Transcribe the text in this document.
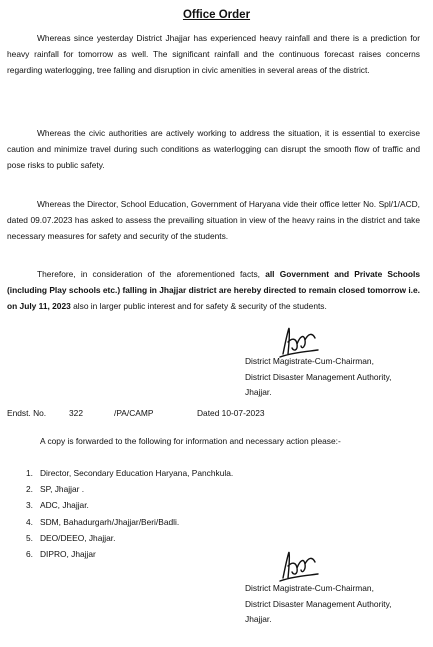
Office Order

Whereas since yesterday District Jhajjar has experienced heavy rainfall and there is a prediction for heavy rainfall for tomorrow as well. The significant rainfall and the continuous forecast raises concerns regarding waterlogging, tree falling and disruption in civic amenities in several areas of the district.

Whereas the civic authorities are actively working to address the situation, it is essential to exercise caution and minimize travel during such conditions as waterlogging can disrupt the smooth flow of traffic and pose risks to public safety.

Whereas the Director, School Education, Government of Haryana vide their office letter No. Spl/1/ACD, dated 09.07.2023 has asked to assess the prevailing situation in view of the heavy rains in the district and take necessary measures for safety and security of the students.

Therefore, in consideration of the aforementioned facts, all Government and Private Schools (including Play schools etc.) falling in Jhajjar district are hereby directed to remain closed tomorrow i.e. on July 11, 2023 also in larger public interest and for safety & security of the students.

District Magistrate-Cum-Chairman,
District Disaster Management Authority,
Jhajjar.
Endst. No.	322	/PA/CAMP	Dated 10-07-2023
A copy is forwarded to the following for information and necessary action please:-
1. Director, Secondary Education Haryana, Panchkula.
2. SP, Jhajjar .
3. ADC, Jhajjar.
4. SDM, Bahadurgarh/Jhajjar/Beri/Badli.
5. DEO/DEEO, Jhajjar.
6. DIPRO, Jhajjar
District Magistrate-Cum-Chairman,
District Disaster Management Authority,
Jhajjar.
